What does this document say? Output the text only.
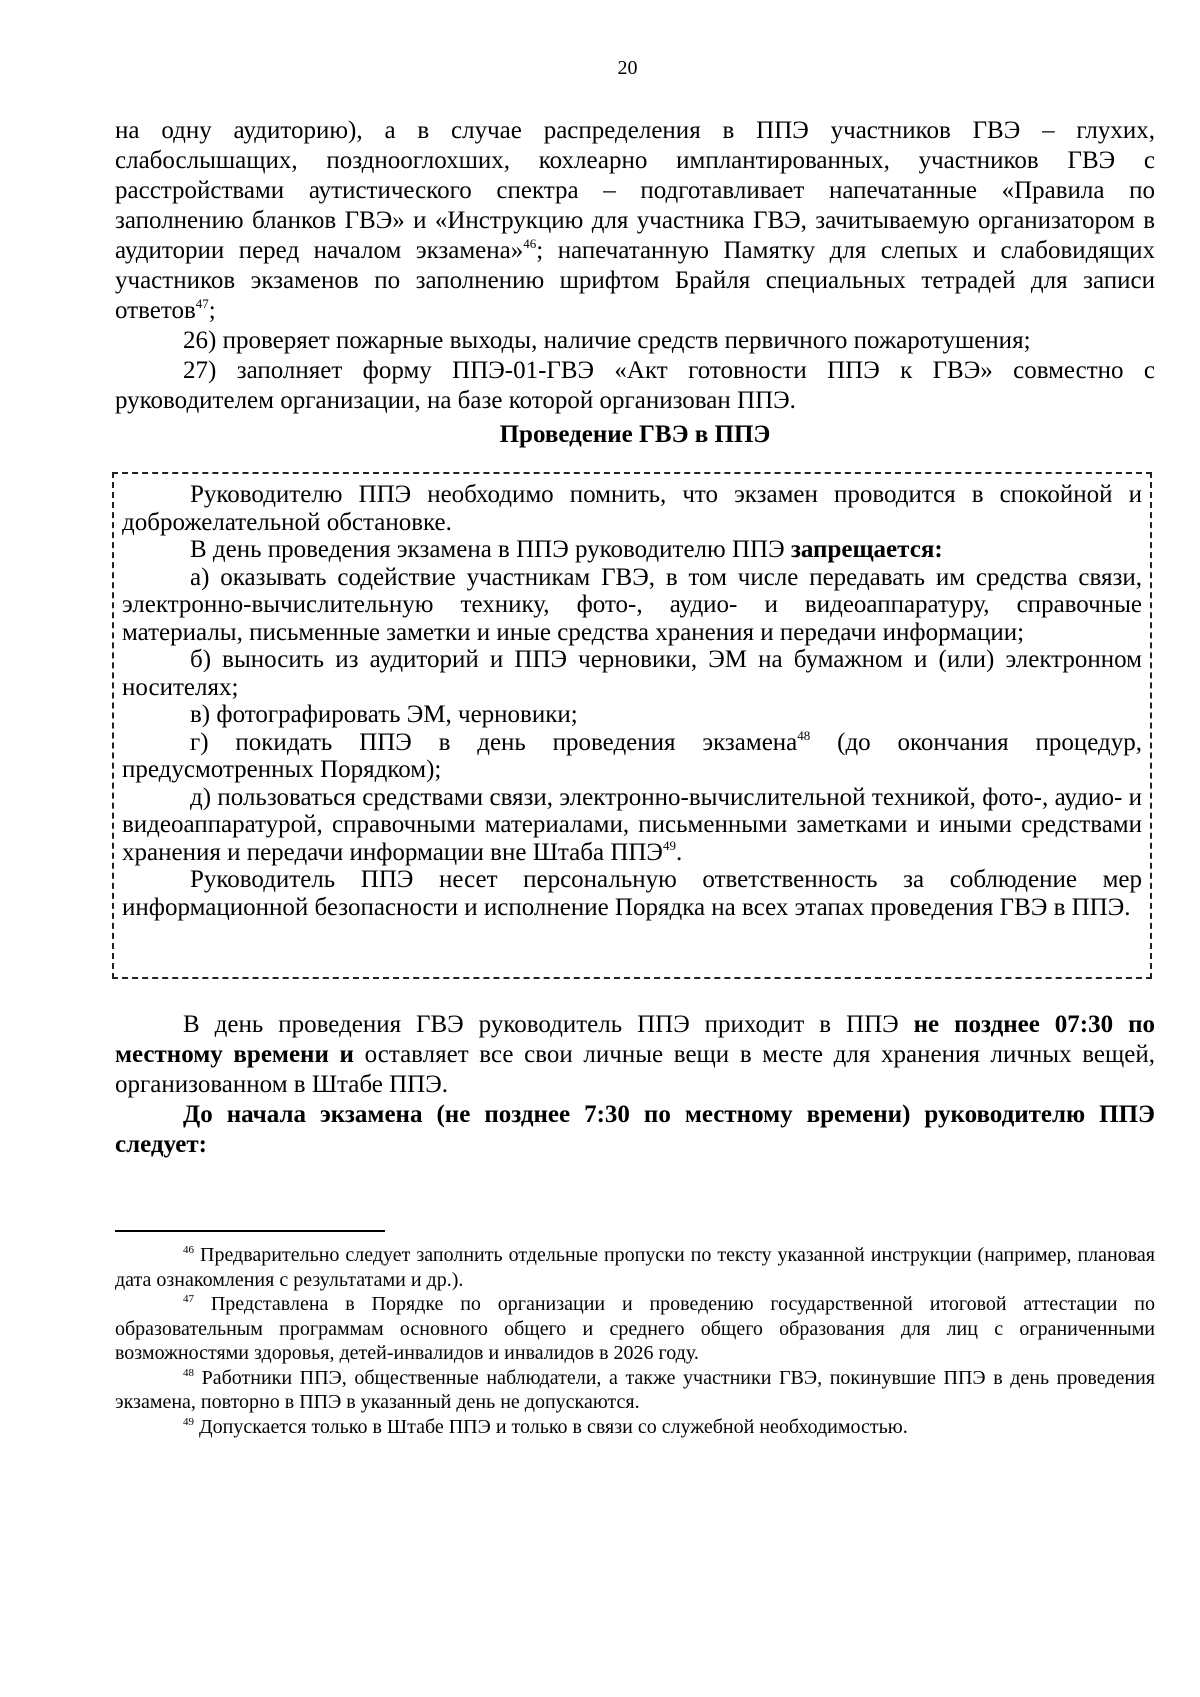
20

на одну аудиторию), а в случае распределения в ППЭ участников ГВЭ – глухих, слабослышащих, позднооглохших, кохлеарно имплантированных, участников ГВЭ с расстройствами аутистического спектра – подготавливает напечатанные «Правила по заполнению бланков ГВЭ» и «Инструкцию для участника ГВЭ, зачитываемую организатором в аудитории перед началом экзамена»$^{46}$; напечатанную Памятку для слепых и слабовидящих участников экзаменов по заполнению шрифтом Брайля специальных тетрадей для записи ответов$^{47}$;

26) проверяет пожарные выходы, наличие средств первичного пожаротушения;

27) заполняет форму ППЭ-01-ГВЭ «Акт готовности ППЭ к ГВЭ» совместно с руководителем организации, на базе которой организован ППЭ.

Проведение ГВЭ в ППЭ

Руководителю ППЭ необходимо помнить, что экзамен проводится в спокойной и доброжелательной обстановке.

В день проведения экзамена в ППЭ руководителю ППЭ запрещается:

а) оказывать содействие участникам ГВЭ, в том числе передавать им средства связи, электронно-вычислительную технику, фото-, аудио- и видеоаппаратуру, справочные материалы, письменные заметки и иные средства хранения и передачи информации;

б) выносить из аудиторий и ППЭ черновики, ЭМ на бумажном и (или) электронном носителях;

в) фотографировать ЭМ, черновики;

г) покидать ППЭ в день проведения экзамена$^{48}$ (до окончания процедур, предусмотренных Порядком);

д) пользоваться средствами связи, электронно-вычислительной техникой, фото-, аудио- и видеоаппаратурой, справочными материалами, письменными заметками и иными средствами хранения и передачи информации вне Штаба ППЭ$^{49}$.

Руководитель ППЭ несет персональную ответственность за соблюдение мер информационной безопасности и исполнение Порядка на всех этапах проведения ГВЭ в ППЭ.

В день проведения ГВЭ руководитель ППЭ приходит в ППЭ не позднее 07:30 по местному времени и оставляет все свои личные вещи в месте для хранения личных вещей, организованном в Штабе ППЭ.

До начала экзамена (не позднее 7:30 по местному времени) руководителю ППЭ следует:

$^{46}$ Предварительно следует заполнить отдельные пропуски по тексту указанной инструкции (например, плановая дата ознакомления с результатами и др.).

$^{47}$ Представлена в Порядке по организации и проведению государственной итоговой аттестации по образовательным программам основного общего и среднего общего образования для лиц с ограниченными возможностями здоровья, детей-инвалидов и инвалидов в 2026 году.

$^{48}$ Работники ППЭ, общественные наблюдатели, а также участники ГВЭ, покинувшие ППЭ в день проведения экзамена, повторно в ППЭ в указанный день не допускаются.

$^{49}$ Допускается только в Штабе ППЭ и только в связи со служебной необходимостью.
